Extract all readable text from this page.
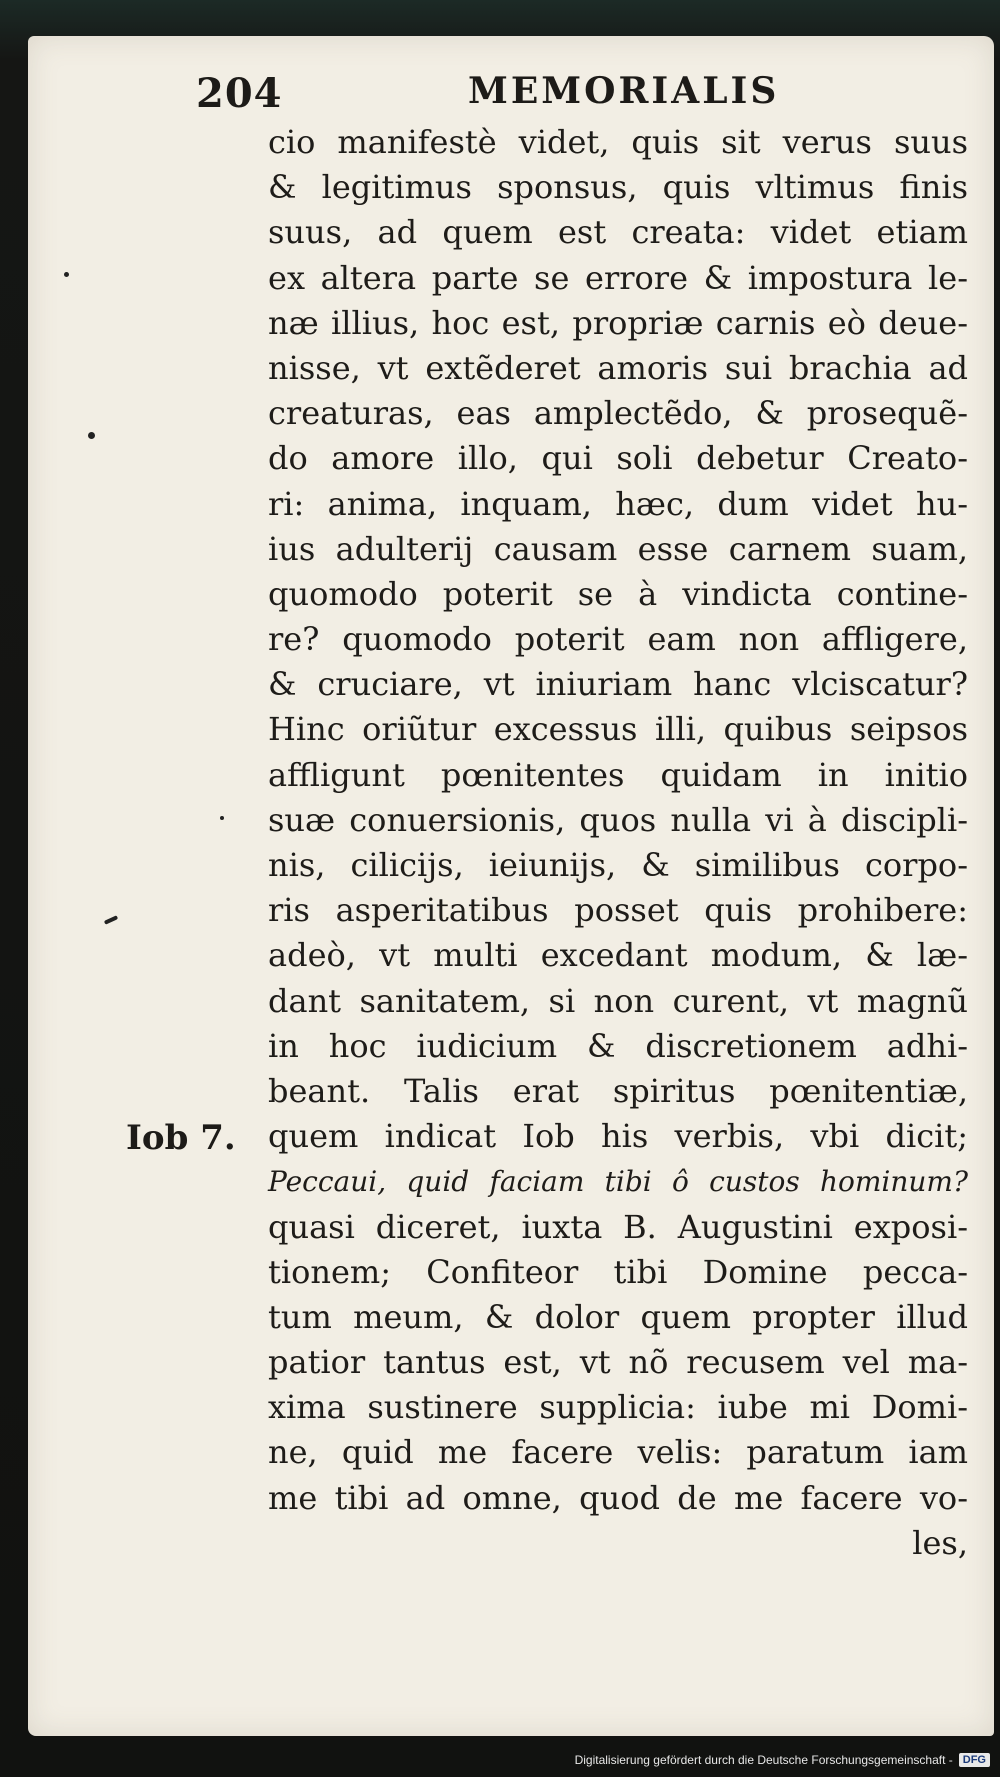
204	MEMORIALIS
Iob 7.
cio manifestè videt, quis sit verus suus
& legitimus sponsus, quis vltimus finis
suus, ad quem est creata: videt etiam
ex altera parte se errore & impostura le-
næ illius, hoc est, propriæ carnis eò deue-
nisse, vt extẽderet amoris sui brachia ad
creaturas, eas amplectẽdo, & prosequẽ-
do amore illo, qui soli debetur Creato-
ri: anima, inquam, hæc, dum videt hu-
ius adulterij causam esse carnem suam,
quomodo poterit se à vindicta contine-
re? quomodo poterit eam non affligere,
& cruciare, vt iniuriam hanc vlciscatur?
Hinc oriũtur excessus illi, quibus seipsos
affligunt pœnitentes quidam in initio
suæ conuersionis, quos nulla vi à discipli-
nis, cilicijs, ieiunijs, & similibus corpo-
ris asperitatibus posset quis prohibere:
adeò, vt multi excedant modum, & læ-
dant sanitatem, si non curent, vt magnũ
in hoc iudicium & discretionem adhi-
beant. Talis erat spiritus pœnitentiæ,
quem indicat Iob his verbis, vbi dicit;
Peccaui, quid faciam tibi ô custos hominum?
quasi diceret, iuxta B. Augustini exposi-
tionem; Confiteor tibi Domine pecca-
tum meum, & dolor quem propter illud
patior tantus est, vt nõ recusem vel ma-
xima sustinere supplicia: iube mi Domi-
ne, quid me facere velis: paratum iam
me tibi ad omne, quod de me facere vo-
les,
Digitalisierung gefördert durch die Deutsche Forschungsgemeinschaft - DFG
